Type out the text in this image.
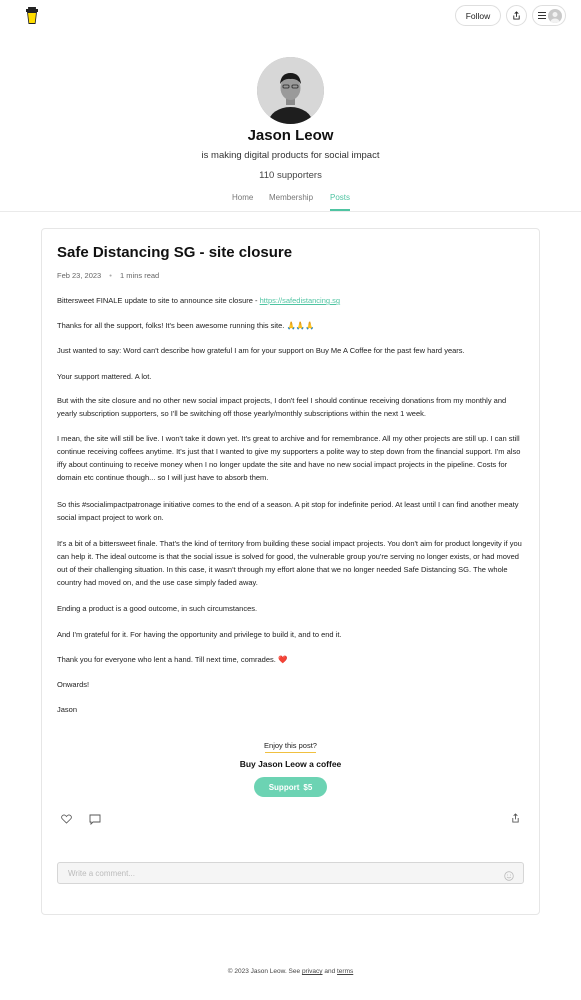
Follow
Jason Leow
is making digital products for social impact
110 supporters
Home Membership Posts
Safe Distancing SG - site closure
Feb 23, 2023 • 1 mins read
Bittersweet FINALE update to site to announce site closure - https://safedistancing.sg
Thanks for all the support, folks! It's been awesome running this site. 🙏🙏🙏
Just wanted to say: Word can't describe how grateful I am for your support on Buy Me A Coffee for the past few hard years.
Your support mattered. A lot.
But with the site closure and no other new social impact projects, I don't feel I should continue receiving donations from my monthly and yearly subscription supporters, so I'll be switching off those yearly/monthly subscriptions within the next 1 week.
I mean, the site will still be live. I won't take it down yet. It's great to archive and for remembrance. All my other projects are still up. I can still continue receiving coffees anytime. It's just that I wanted to give my supporters a polite way to step down from the financial support. I'm also iffy about continuing to receive money when I no longer update the site and have no new social impact projects in the pipeline. Costs for domain etc continue though... so I will just have to absorb them.
So this #socialimpactpatronage initiative comes to the end of a season. A pit stop for indefinite period. At least until I can find another meaty social impact project to work on.
It's a bit of a bittersweet finale. That's the kind of territory from building these social impact projects. You don't aim for product longevity if you can help it. The ideal outcome is that the social issue is solved for good, the vulnerable group you're serving no longer exists, or had moved out of their challenging situation. In this case, it wasn't through my effort alone that we no longer needed Safe Distancing SG. The whole country had moved on, and the use case simply faded away.
Ending a product is a good outcome, in such circumstances.
And I'm grateful for it. For having the opportunity and privilege to build it, and to end it.
Thank you for everyone who lent a hand. Till next time, comrades. ❤️
Onwards!
Jason
Enjoy this post?
Buy Jason Leow a coffee
Support $5
Write a comment...
© 2023 Jason Leow. See privacy and terms
